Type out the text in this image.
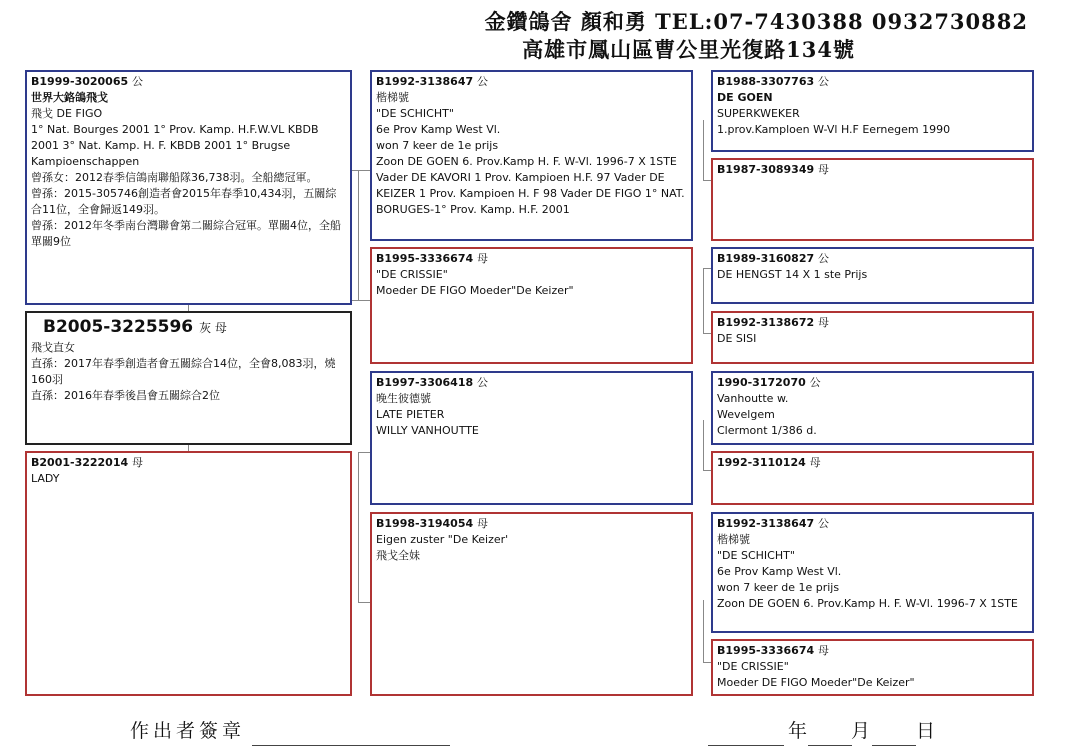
金鑽鴿舍 顏和勇 TEL:07-7430388 0932730882
高雄市鳳山區曹公里光復路134號
B1999-3020065 公
世界大鉻鴿飛戈
飛戈 DE FIGO
1° Nat. Bourges 2001 1° Prov. Kamp. H.F.W.VL KBDB 2001 3° Nat. Kamp. H. F. KBDB 2001 1° Brugse Kampioenschappen
曾孫女：2012春季信鴿南聯船隊36,738羽。全船總冠軍。
曾孫：2015-305746創造者會2015年春季10,434羽，五關綜合11位，全會歸返149羽。
曾孫：2012年冬季南台灣聯會第二關綜合冠軍。單關4位，全船單關9位
B2005-3225596 灰 母
飛戈直女
直孫：2017年春季創造者會五關綜合14位，全會8,083羽，燒160羽
直孫：2016年春季後昌會五關綜合2位
B2001-3222014 母
LADY
B1992-3138647 公
楷梯號
"DE SCHICHT"
6e Prov Kamp West Vl.
won 7 keer de 1e prijs
Zoon DE GOEN 6. Prov.Kamp H. F. W-Vl. 1996-7 X 1STE
Vader DE KAVORI 1 Prov. Kampioen H.F. 97 Vader DE KEIZER 1 Prov. Kampioen H. F 98 Vader DE FIGO 1° NAT. BORUGES-1° Prov. Kamp. H.F. 2001
B1995-3336674 母
"DE CRISSIE"
Moeder DE FIGO Moeder"De Keizer"
B1997-3306418 公
晚生彼德號
LATE PIETER
WILLY VANHOUTTE
B1998-3194054 母
Eigen zuster "De Keizer'
飛戈全妹
B1988-3307763 公
DE GOEN
SUPERKWEKER
1.prov.Kamploen W-Vl H.F Eernegem 1990
B1987-3089349 母
B1989-3160827 公
DE HENGST 14 X 1 ste Prijs
B1992-3138672 母
DE SISI
1990-3172070 公
Vanhoutte w.
Wevelgem
Clermont 1/386 d.
1992-3110124 母
B1992-3138647 公
楷梯號
"DE SCHICHT"
6e Prov Kamp West Vl.
won 7 keer de 1e prijs
Zoon DE GOEN 6. Prov.Kamp H. F. W-Vl. 1996-7 X 1STE
B1995-3336674 母
"DE CRISSIE"
Moeder DE FIGO Moeder"De Keizer"
作出者簽章	年 月 日
